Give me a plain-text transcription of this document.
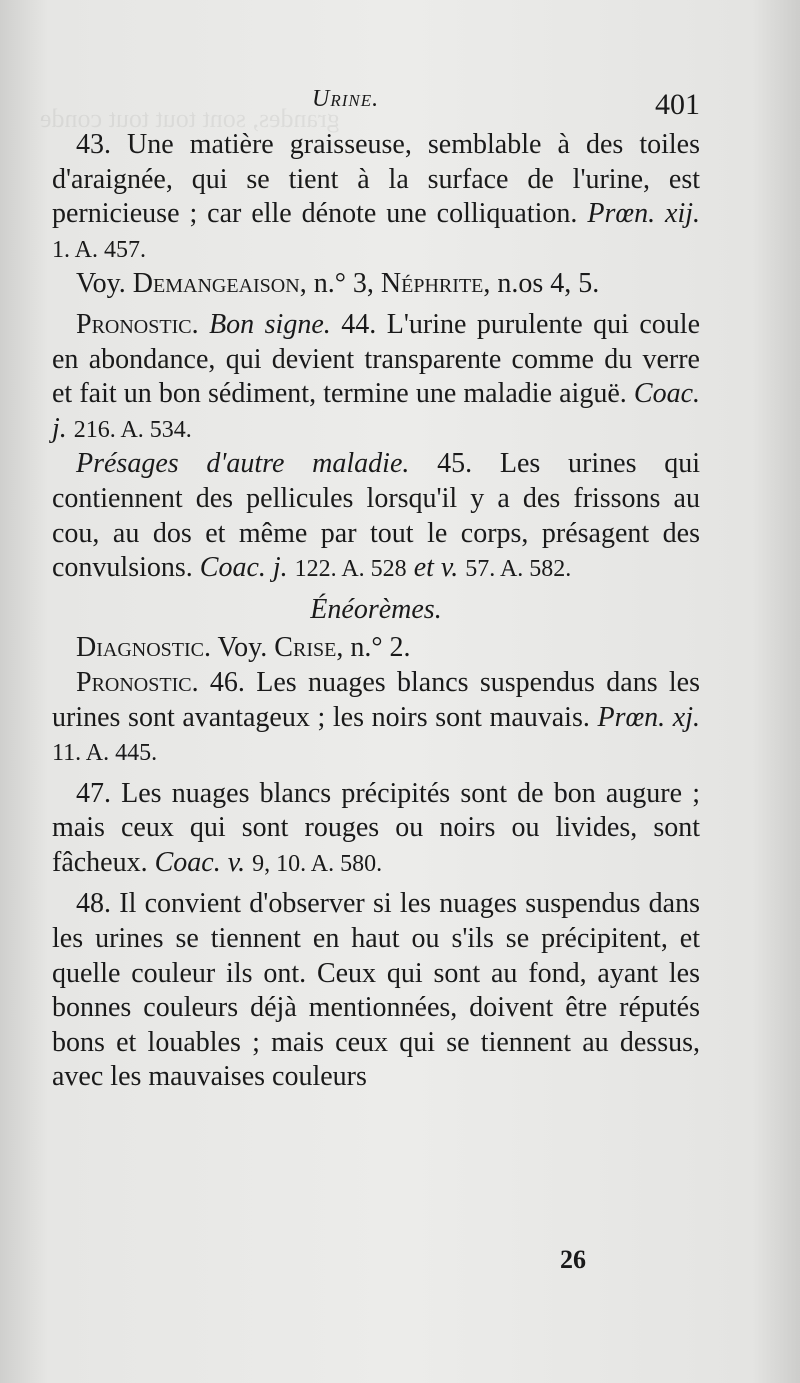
grandes, sont tout tout conde
Urine.	401

43. Une matière graisseuse, semblable à des toiles d'araignée, qui se tient à la surface de l'urine, est pernicieuse ; car elle dénote une colliquation. Prœn. xij. 1. A. 457.

Voy. Demangeaison, n.° 3, Néphrite, n.os 4, 5.

Pronostic. Bon signe. 44. L'urine purulente qui coule en abondance, qui devient transparente comme du verre et fait un bon sédiment, termine une maladie aiguë. Coac. j. 216. A. 534.

Présages d'autre maladie. 45. Les urines qui contiennent des pellicules lorsqu'il y a des frissons au cou, au dos et même par tout le corps, présagent des convulsions. Coac. j. 122. A. 528 et v. 57. A. 582.

Énéorèmes.

Diagnostic. Voy. Crise, n.° 2.

Pronostic. 46. Les nuages blancs suspendus dans les urines sont avantageux ; les noirs sont mauvais. Prœn. xj. 11. A. 445.

47. Les nuages blancs précipités sont de bon augure ; mais ceux qui sont rouges ou noirs ou livides, sont fâcheux. Coac. v. 9, 10. A. 580.

48. Il convient d'observer si les nuages suspendus dans les urines se tiennent en haut ou s'ils se précipitent, et quelle couleur ils ont. Ceux qui sont au fond, ayant les bonnes couleurs déjà mentionnées, doivent être réputés bons et louables ; mais ceux qui se tiennent au dessus, avec les mauvaises couleurs

26
